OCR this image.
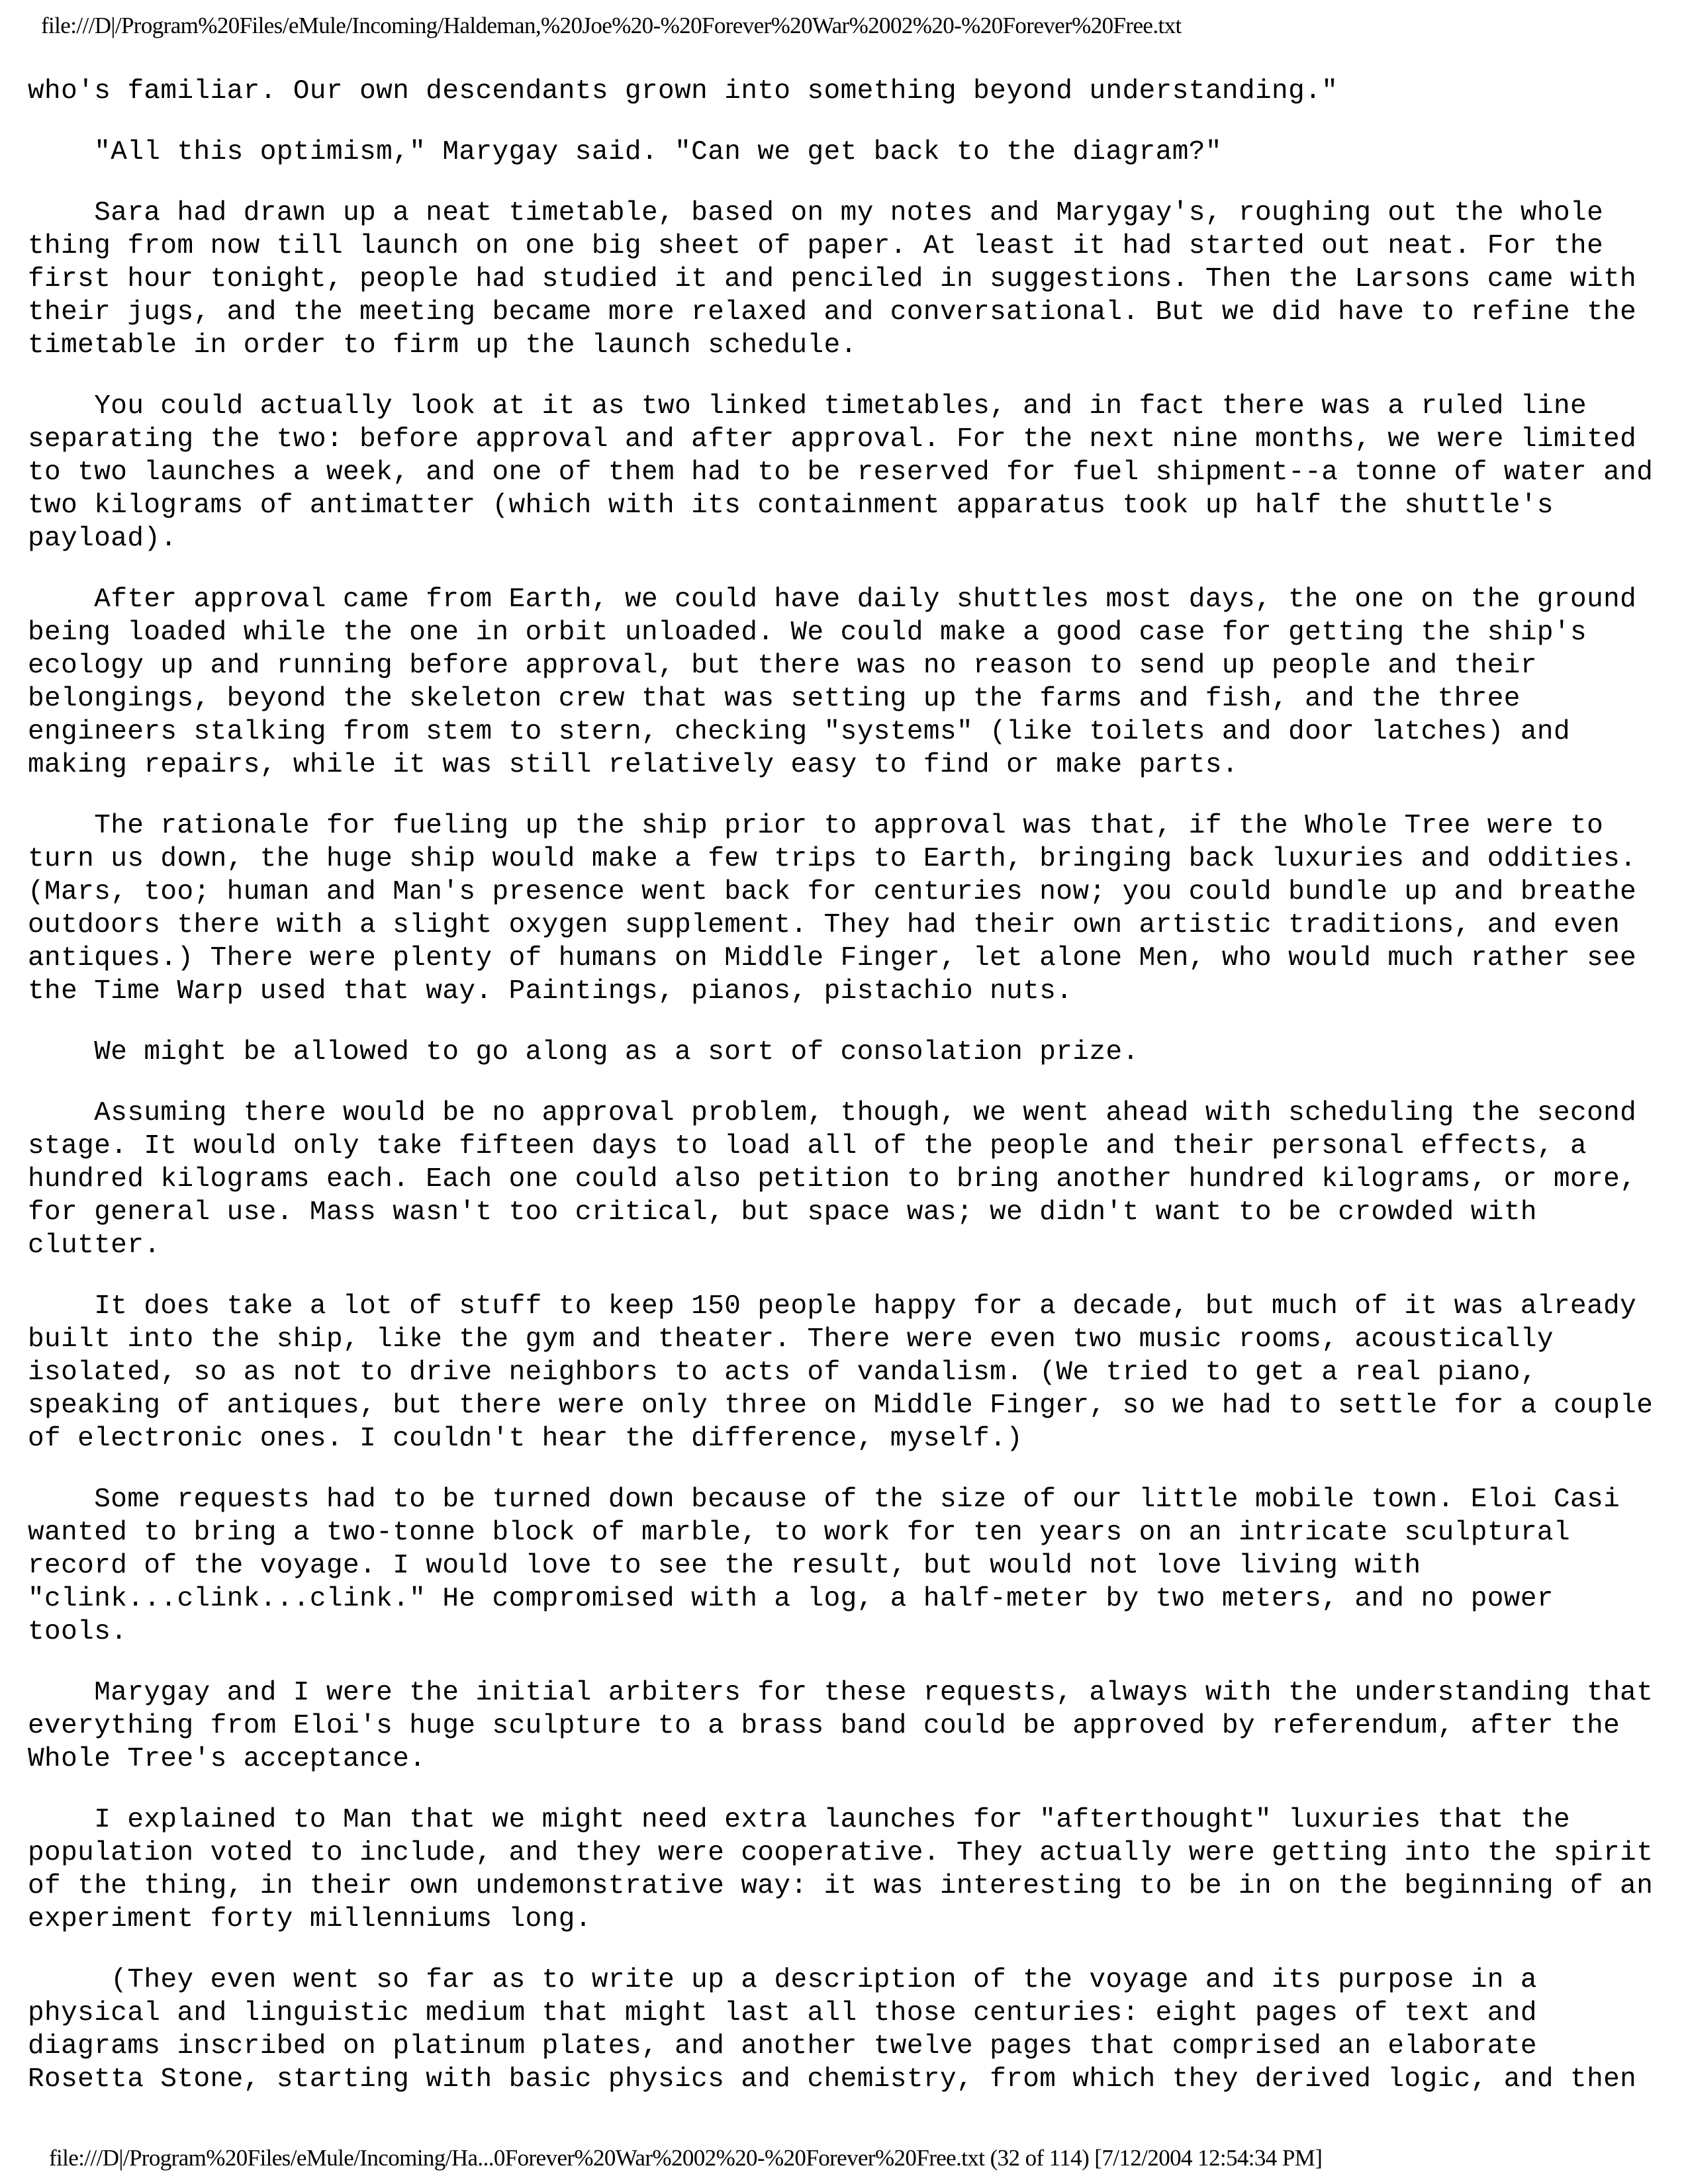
file:///D|/Program%20Files/eMule/Incoming/Haldeman,%20Joe%20-%20Forever%20War%2002%20-%20Forever%20Free.txt

who's familiar. Our own descendants grown into something beyond understanding."

"All this optimism," Marygay said. "Can we get back to the diagram?"

Sara had drawn up a neat timetable, based on my notes and Marygay's, roughing out the whole
thing from now till launch on one big sheet of paper. At least it had started out neat. For the
first hour tonight, people had studied it and penciled in suggestions. Then the Larsons came with
their jugs, and the meeting became more relaxed and conversational. But we did have to refine the
timetable in order to firm up the launch schedule.

You could actually look at it as two linked timetables, and in fact there was a ruled line
separating the two: before approval and after approval. For the next nine months, we were limited
to two launches a week, and one of them had to be reserved for fuel shipment--a tonne of water and
two kilograms of antimatter (which with its containment apparatus took up half the shuttle's
payload).

After approval came from Earth, we could have daily shuttles most days, the one on the ground
being loaded while the one in orbit unloaded. We could make a good case for getting the ship's
ecology up and running before approval, but there was no reason to send up people and their
belongings, beyond the skeleton crew that was setting up the farms and fish, and the three
engineers stalking from stem to stern, checking "systems" (like toilets and door latches) and
making repairs, while it was still relatively easy to find or make parts.

The rationale for fueling up the ship prior to approval was that, if the Whole Tree were to
turn us down, the huge ship would make a few trips to Earth, bringing back luxuries and oddities.
(Mars, too; human and Man's presence went back for centuries now; you could bundle up and breathe
outdoors there with a slight oxygen supplement. They had their own artistic traditions, and even
antiques.) There were plenty of humans on Middle Finger, let alone Men, who would much rather see
the Time Warp used that way. Paintings, pianos, pistachio nuts.

We might be allowed to go along as a sort of consolation prize.

Assuming there would be no approval problem, though, we went ahead with scheduling the second
stage. It would only take fifteen days to load all of the people and their personal effects, a
hundred kilograms each. Each one could also petition to bring another hundred kilograms, or more,
for general use. Mass wasn't too critical, but space was; we didn't want to be crowded with
clutter.

It does take a lot of stuff to keep 150 people happy for a decade, but much of it was already
built into the ship, like the gym and theater. There were even two music rooms, acoustically
isolated, so as not to drive neighbors to acts of vandalism. (We tried to get a real piano,
speaking of antiques, but there were only three on Middle Finger, so we had to settle for a couple
of electronic ones. I couldn't hear the difference, myself.)

Some requests had to be turned down because of the size of our little mobile town. Eloi Casi
wanted to bring a two-tonne block of marble, to work for ten years on an intricate sculptural
record of the voyage. I would love to see the result, but would not love living with
"clink...clink...clink." He compromised with a log, a half-meter by two meters, and no power
tools.

Marygay and I were the initial arbiters for these requests, always with the understanding that
everything from Eloi's huge sculpture to a brass band could be approved by referendum, after the
Whole Tree's acceptance.

I explained to Man that we might need extra launches for "afterthought" luxuries that the
population voted to include, and they were cooperative. They actually were getting into the spirit
of the thing, in their own undemonstrative way: it was interesting to be in on the beginning of an
experiment forty millenniums long.

(They even went so far as to write up a description of the voyage and its purpose in a
physical and linguistic medium that might last all those centuries: eight pages of text and
diagrams inscribed on platinum plates, and another twelve pages that comprised an elaborate
Rosetta Stone, starting with basic physics and chemistry, from which they derived logic, and then

file:///D|/Program%20Files/eMule/Incoming/Ha...0Forever%20War%2002%20-%20Forever%20Free.txt (32 of 114) [7/12/2004 12:54:34 PM]
